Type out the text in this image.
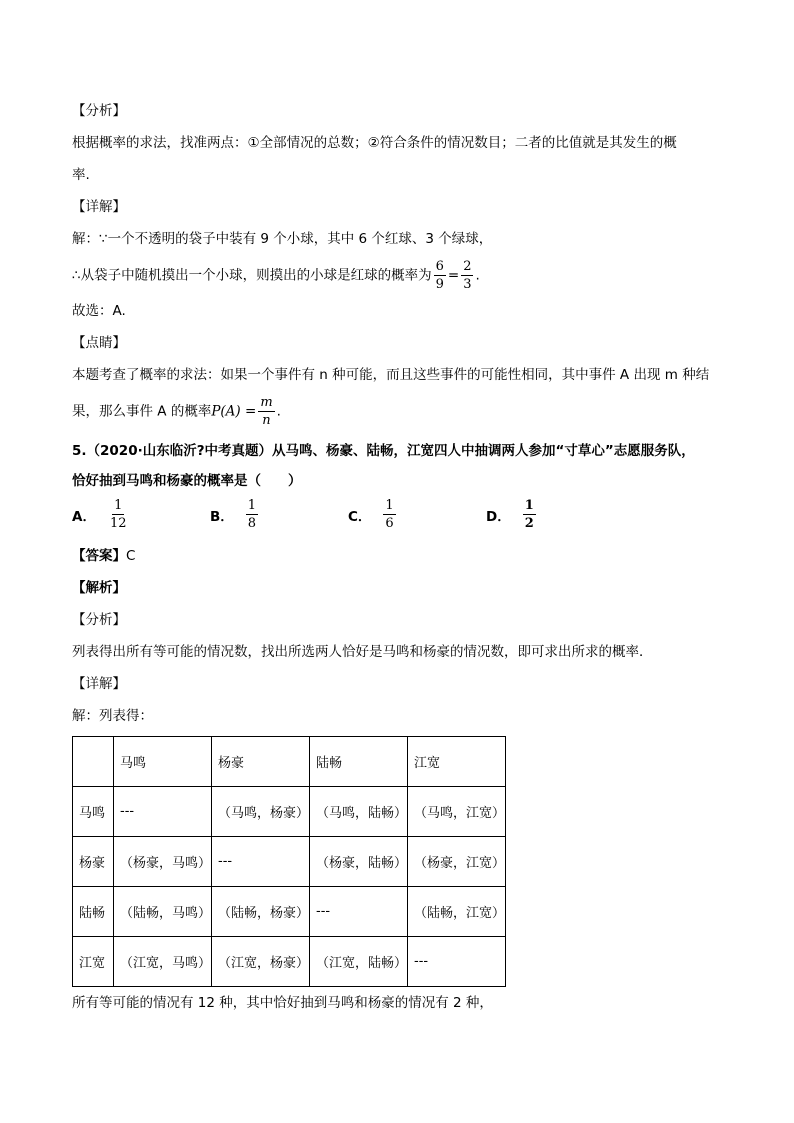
【分析】
根据概率的求法，找准两点：①全部情况的总数；②符合条件的情况数目；二者的比值就是其发生的概
率.
【详解】
解：∵一个不透明的袋子中装有 9 个小球，其中 6 个红球、3 个绿球，
∴从袋子中随机摸出一个小球，则摸出的小球是红球的概率为 $\frac{6}{9} = \frac{2}{3}$ .
故选：A.
【点睛】
本题考查了概率的求法：如果一个事件有 n 种可能，而且这些事件的可能性相同，其中事件 A 出现 m 种结
果，那么事件 A 的概率$P(A) = \frac{m}{n}$ .
5.（2020·山东临沂?中考真题）从马鸣、杨豪、陆畅，江宽四人中抽调两人参加“寸草心”志愿服务队，
恰好抽到马鸣和杨豪的概率是（　　）
A． $\frac{1}{12}$	B． $\frac{1}{8}$	C． $\frac{1}{6}$	D． $\frac{1}{2}$
【答案】C
【解析】
【分析】
列表得出所有等可能的情况数，找出所选两人恰好是马鸣和杨豪的情况数，即可求出所求的概率．
【详解】
解：列表得：
	马鸣	杨豪	陆畅	江宽
马鸣	---	（马鸣，杨豪）	（马鸣，陆畅）	（马鸣，江宽）
杨豪	（杨豪，马鸣）	---	（杨豪，陆畅）	（杨豪，江宽）
陆畅	（陆畅，马鸣）	（陆畅，杨豪）	---	（陆畅，江宽）
江宽	（江宽，马鸣）	（江宽，杨豪）	（江宽，陆畅）	---
所有等可能的情况有 12 种，其中恰好抽到马鸣和杨豪的情况有 2 种，
